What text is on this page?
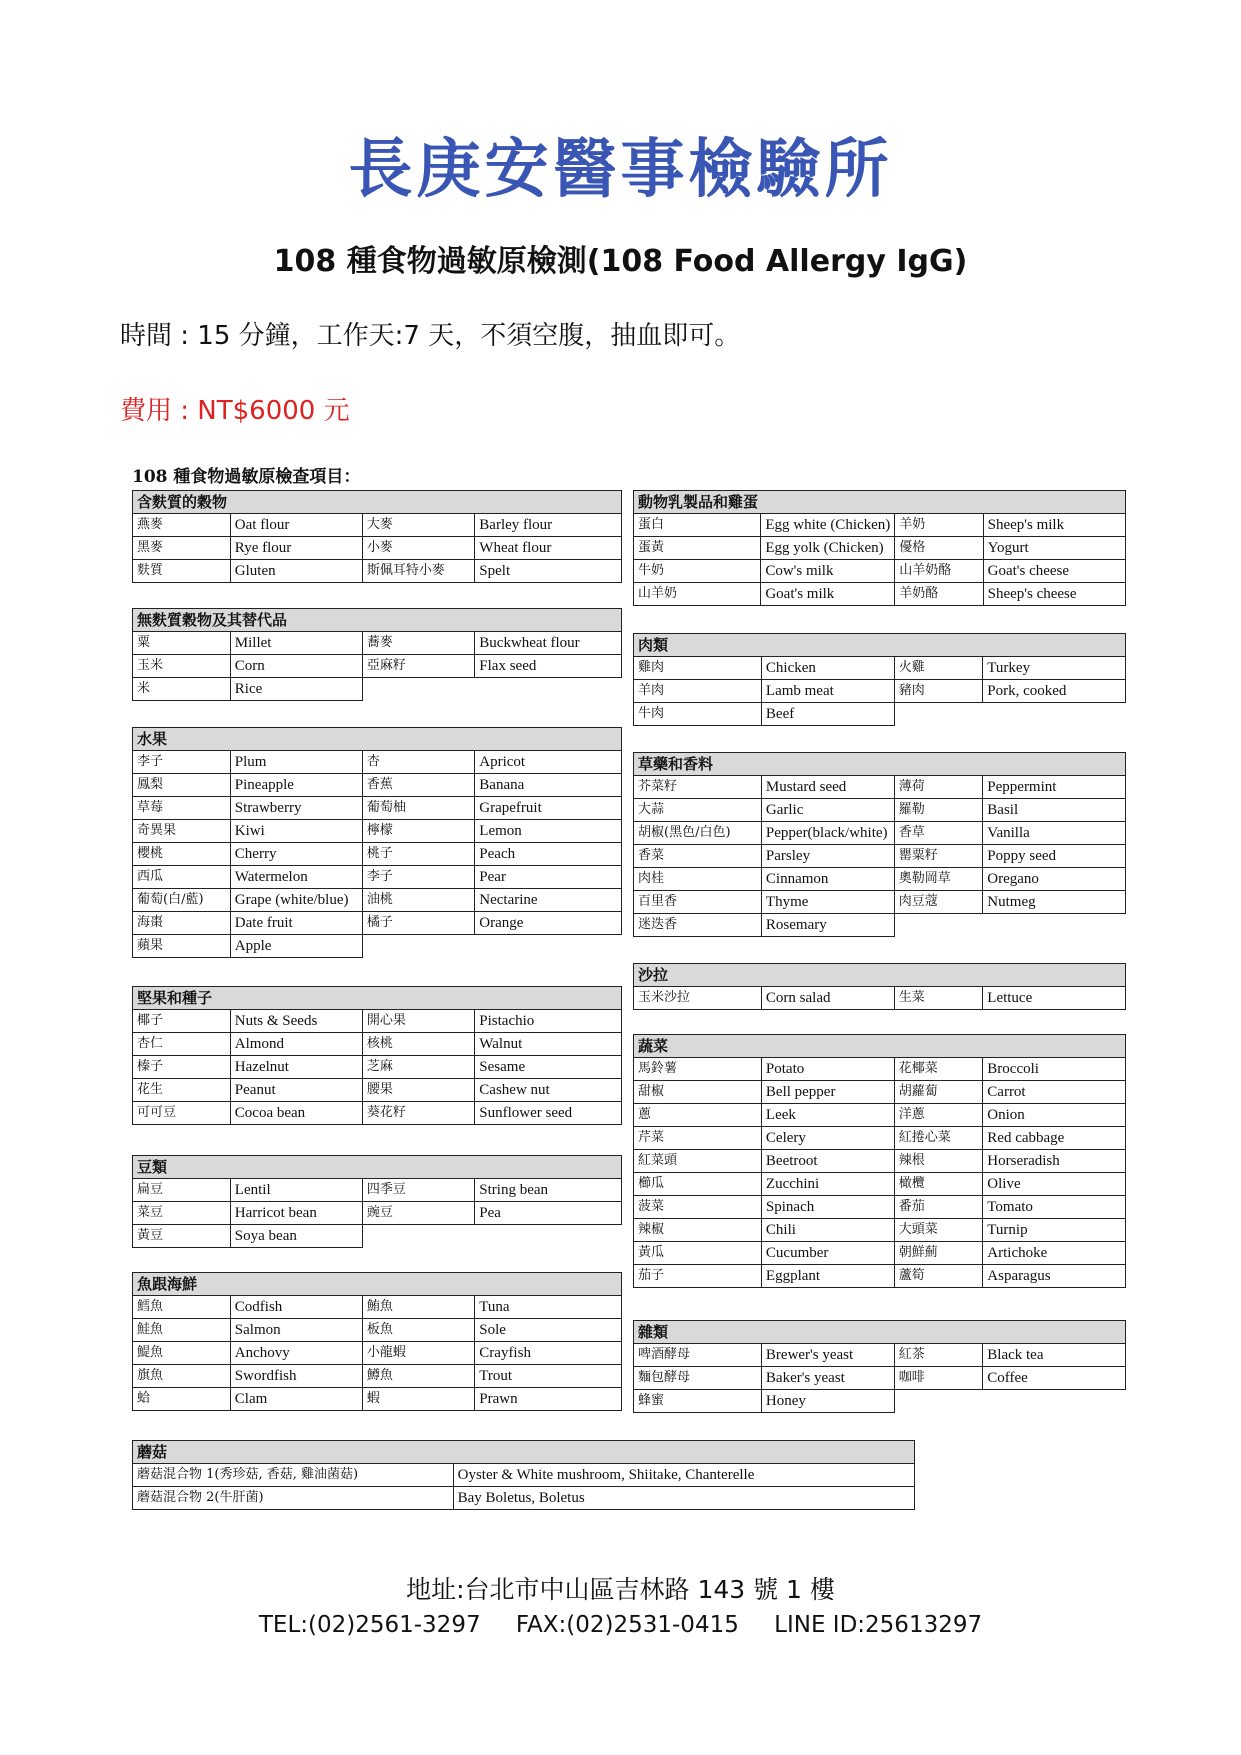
長庚安醫事檢驗所
108 種食物過敏原檢測(108 Food Allergy IgG)
時間 : 15 分鐘，工作天:7 天，不須空腹，抽血即可。
費用 : NT$6000 元
108 種食物過敏原檢查項目：
含麩質的穀物			
燕麥	Oat flour	大麥	Barley flour
黑麥	Rye flour	小麥	Wheat flour
麩質	Gluten	斯佩耳特小麥	Spelt
無麩質穀物及其替代品			
粟	Millet	蕎麥	Buckwheat flour
玉米	Corn	亞麻籽	Flax seed
米	Rice		
水果			
李子	Plum	杏	Apricot
鳳梨	Pineapple	香蕉	Banana
草莓	Strawberry	葡萄柚	Grapefruit
奇異果	Kiwi	檸檬	Lemon
櫻桃	Cherry	桃子	Peach
西瓜	Watermelon	李子	Pear
葡萄(白/藍)	Grape (white/blue)	油桃	Nectarine
海棗	Date fruit	橘子	Orange
蘋果	Apple		
堅果和種子			
椰子	Nuts & Seeds	開心果	Pistachio
杏仁	Almond	核桃	Walnut
榛子	Hazelnut	芝麻	Sesame
花生	Peanut	腰果	Cashew nut
可可豆	Cocoa bean	葵花籽	Sunflower seed
豆類			
扁豆	Lentil	四季豆	String bean
菜豆	Harricot bean	豌豆	Pea
黃豆	Soya bean		
魚跟海鮮			
鱈魚	Codfish	鮪魚	Tuna
鮭魚	Salmon	板魚	Sole
鯷魚	Anchovy	小龍蝦	Crayfish
旗魚	Swordfish	鱒魚	Trout
蛤	Clam	蝦	Prawn
動物乳製品和雞蛋			
蛋白	Egg white (Chicken)	羊奶	Sheep's milk
蛋黃	Egg yolk (Chicken)	優格	Yogurt
牛奶	Cow's milk	山羊奶酪	Goat's cheese
山羊奶	Goat's milk	羊奶酪	Sheep's cheese
肉類			
雞肉	Chicken	火雞	Turkey
羊肉	Lamb meat	豬肉	Pork, cooked
牛肉	Beef		
草藥和香料			
芥菜籽	Mustard seed	薄荷	Peppermint
大蒜	Garlic	羅勒	Basil
胡椒(黑色/白色)	Pepper(black/white)	香草	Vanilla
香菜	Parsley	罌粟籽	Poppy seed
肉桂	Cinnamon	奧勒岡草	Oregano
百里香	Thyme	肉豆蔻	Nutmeg
迷迭香	Rosemary		
沙拉
玉米沙拉	Corn salad	生菜	Lettuce
蔬菜			
馬鈴薯	Potato	花椰菜	Broccoli
甜椒	Bell pepper	胡蘿蔔	Carrot
蔥	Leek	洋蔥	Onion
芹菜	Celery	紅捲心菜	Red cabbage
紅菜頭	Beetroot	辣根	Horseradish
櫛瓜	Zucchini	橄欖	Olive
菠菜	Spinach	番茄	Tomato
辣椒	Chili	大頭菜	Turnip
黃瓜	Cucumber	朝鮮薊	Artichoke
茄子	Eggplant	蘆筍	Asparagus
雜類			
啤酒酵母	Brewer's yeast	紅茶	Black tea
麵包酵母	Baker's yeast	咖啡	Coffee
蜂蜜	Honey		
蘑菇	
蘑菇混合物 1(秀珍菇, 香菇, 雞油菌菇)	Oyster & White mushroom, Shiitake, Chanterelle
蘑菇混合物 2(牛肝菌)	Bay Boletus, Boletus
地址:台北市中山區吉林路 143 號 1 樓
TEL:(02)2561-3297 FAX:(02)2531-0415 LINE ID:25613297
